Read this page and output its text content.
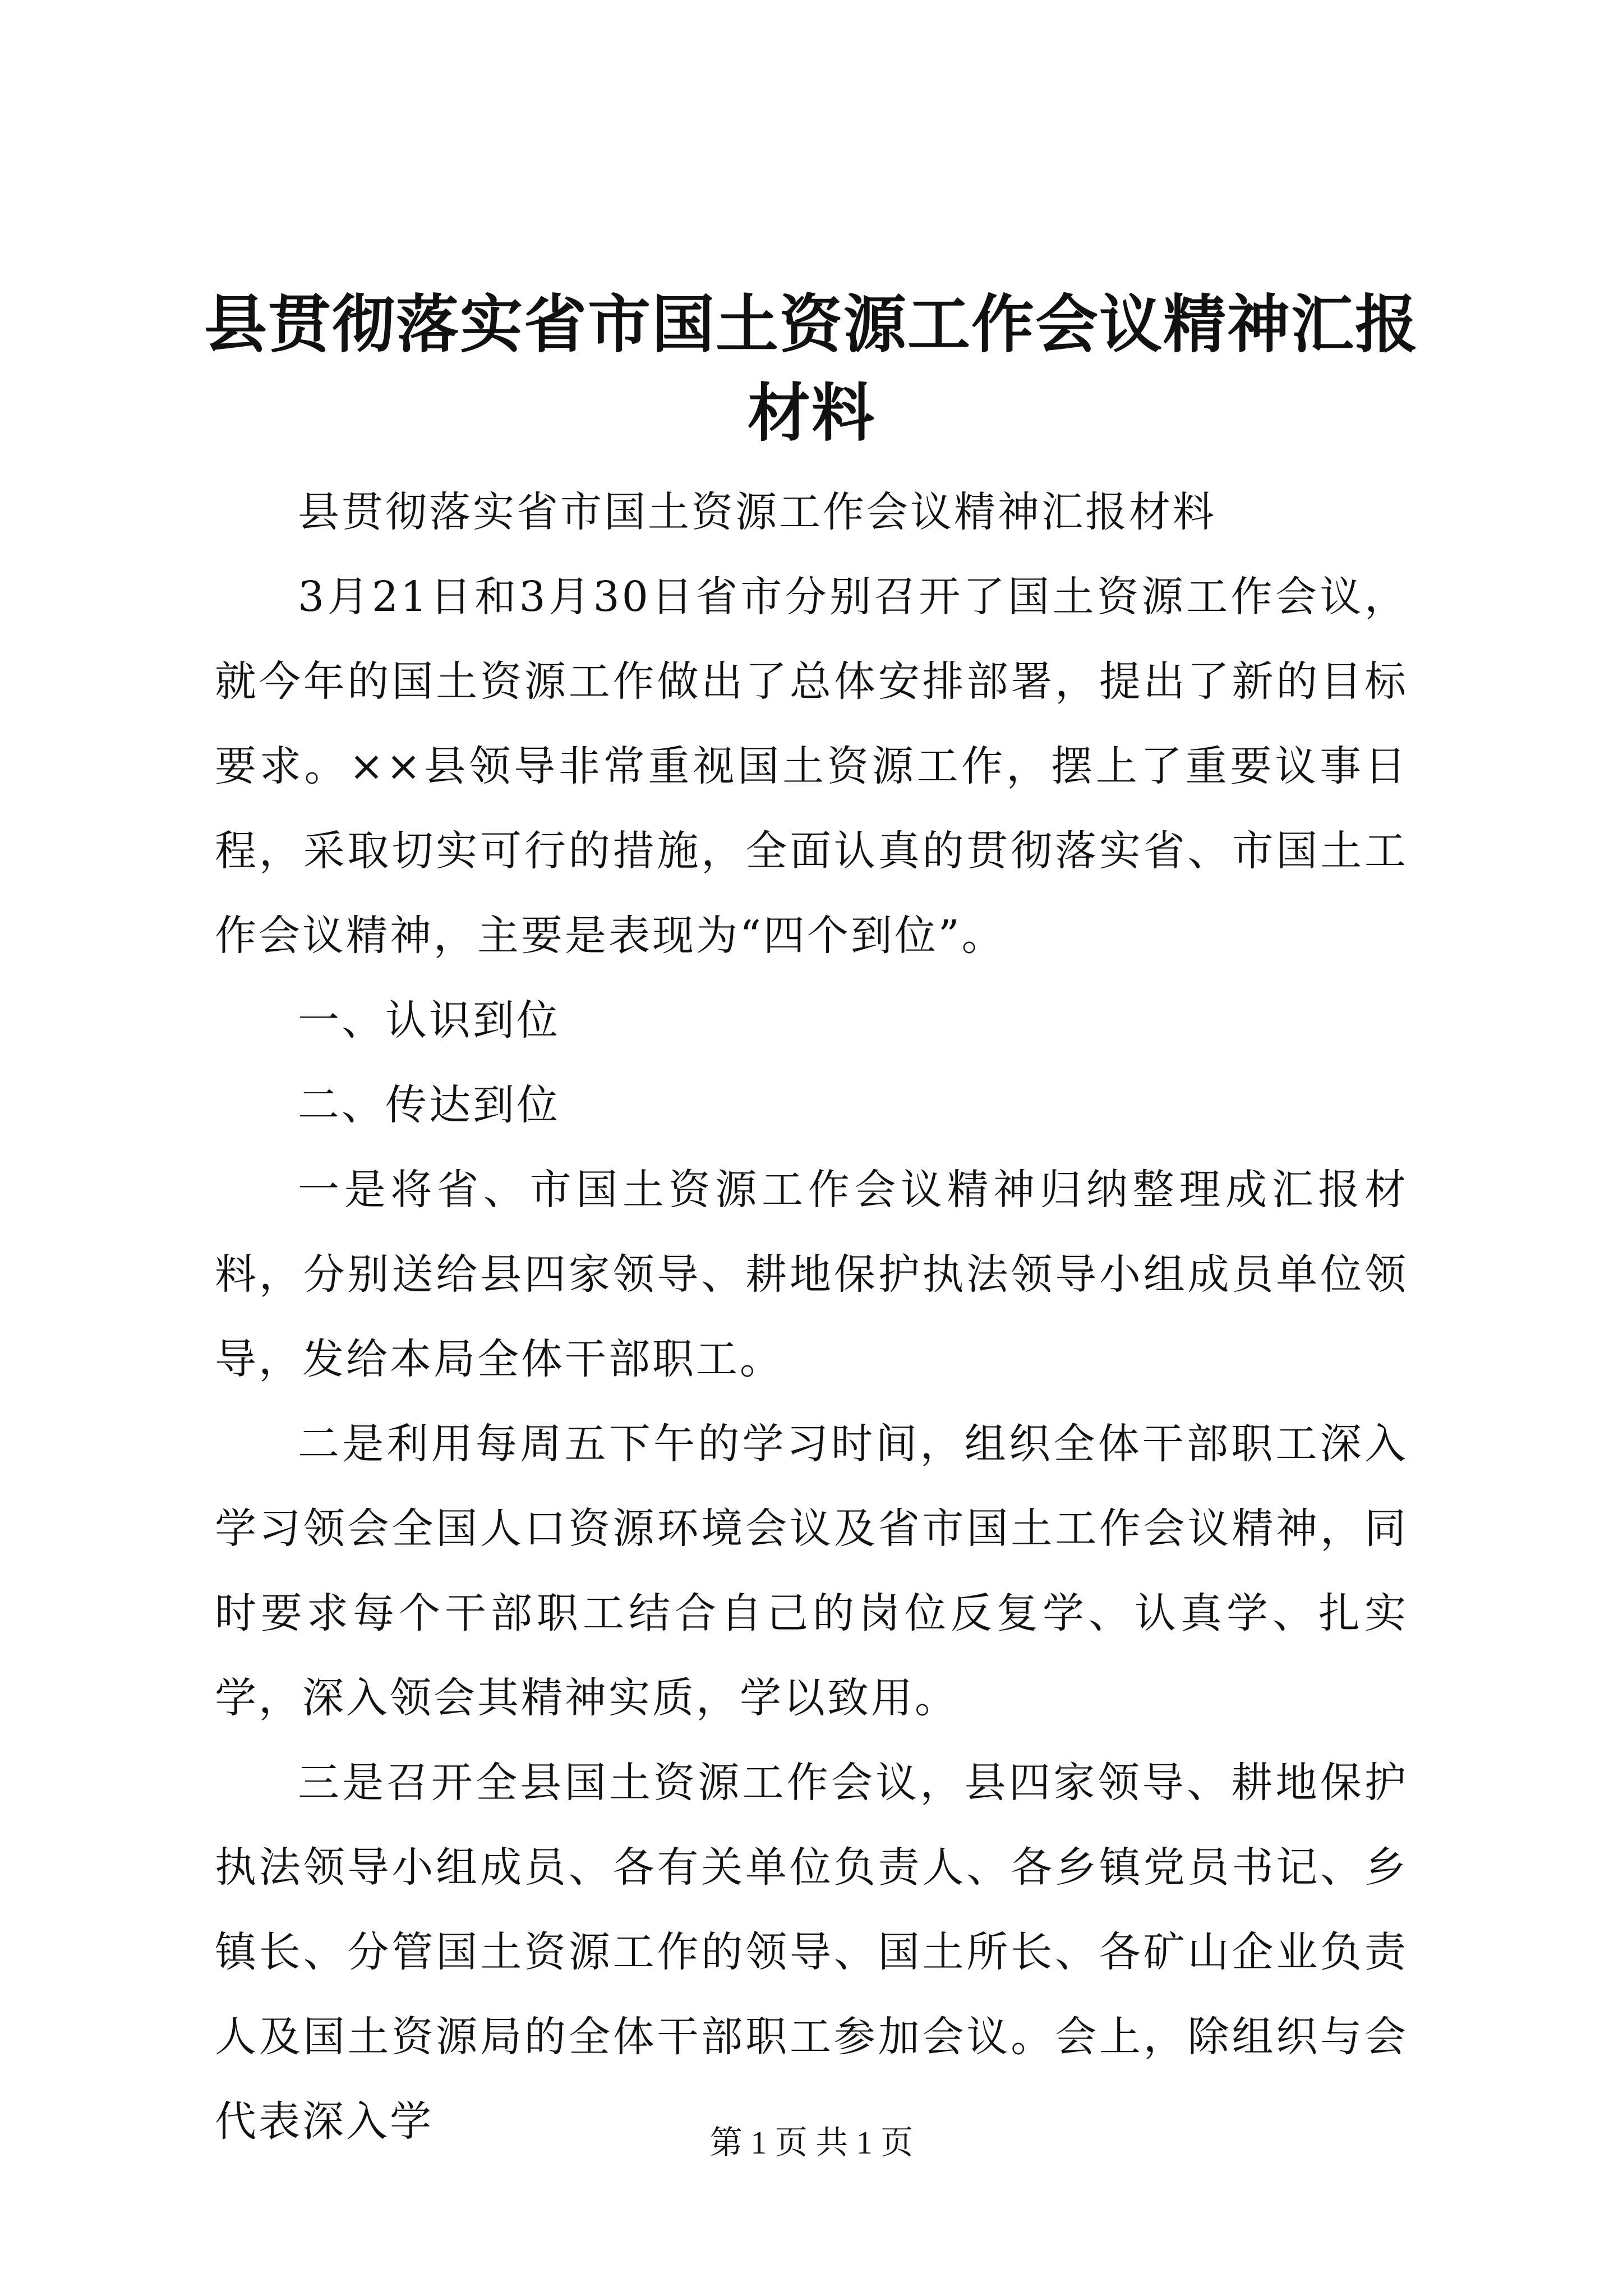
县贯彻落实省市国土资源工作会议精神汇报材料

县贯彻落实省市国土资源工作会议精神汇报材料

3月21日和3月30日省市分别召开了国土资源工作会议，就今年的国土资源工作做出了总体安排部署，提出了新的目标要求。××县领导非常重视国土资源工作，摆上了重要议事日程，采取切实可行的措施，全面认真的贯彻落实省、市国土工作会议精神，主要是表现为“四个到位”。

一、认识到位

二、传达到位

一是将省、市国土资源工作会议精神归纳整理成汇报材料，分别送给县四家领导、耕地保护执法领导小组成员单位领导，发给本局全体干部职工。

二是利用每周五下午的学习时间，组织全体干部职工深入学习领会全国人口资源环境会议及省市国土工作会议精神，同时要求每个干部职工结合自己的岗位反复学、认真学、扎实学，深入领会其精神实质，学以致用。

三是召开全县国土资源工作会议，县四家领导、耕地保护执法领导小组成员、各有关单位负责人、各乡镇党员书记、乡镇长、分管国土资源工作的领导、国土所长、各矿山企业负责人及国土资源局的全体干部职工参加会议。会上，除组织与会代表深入学	第 1 页 共 1 页
